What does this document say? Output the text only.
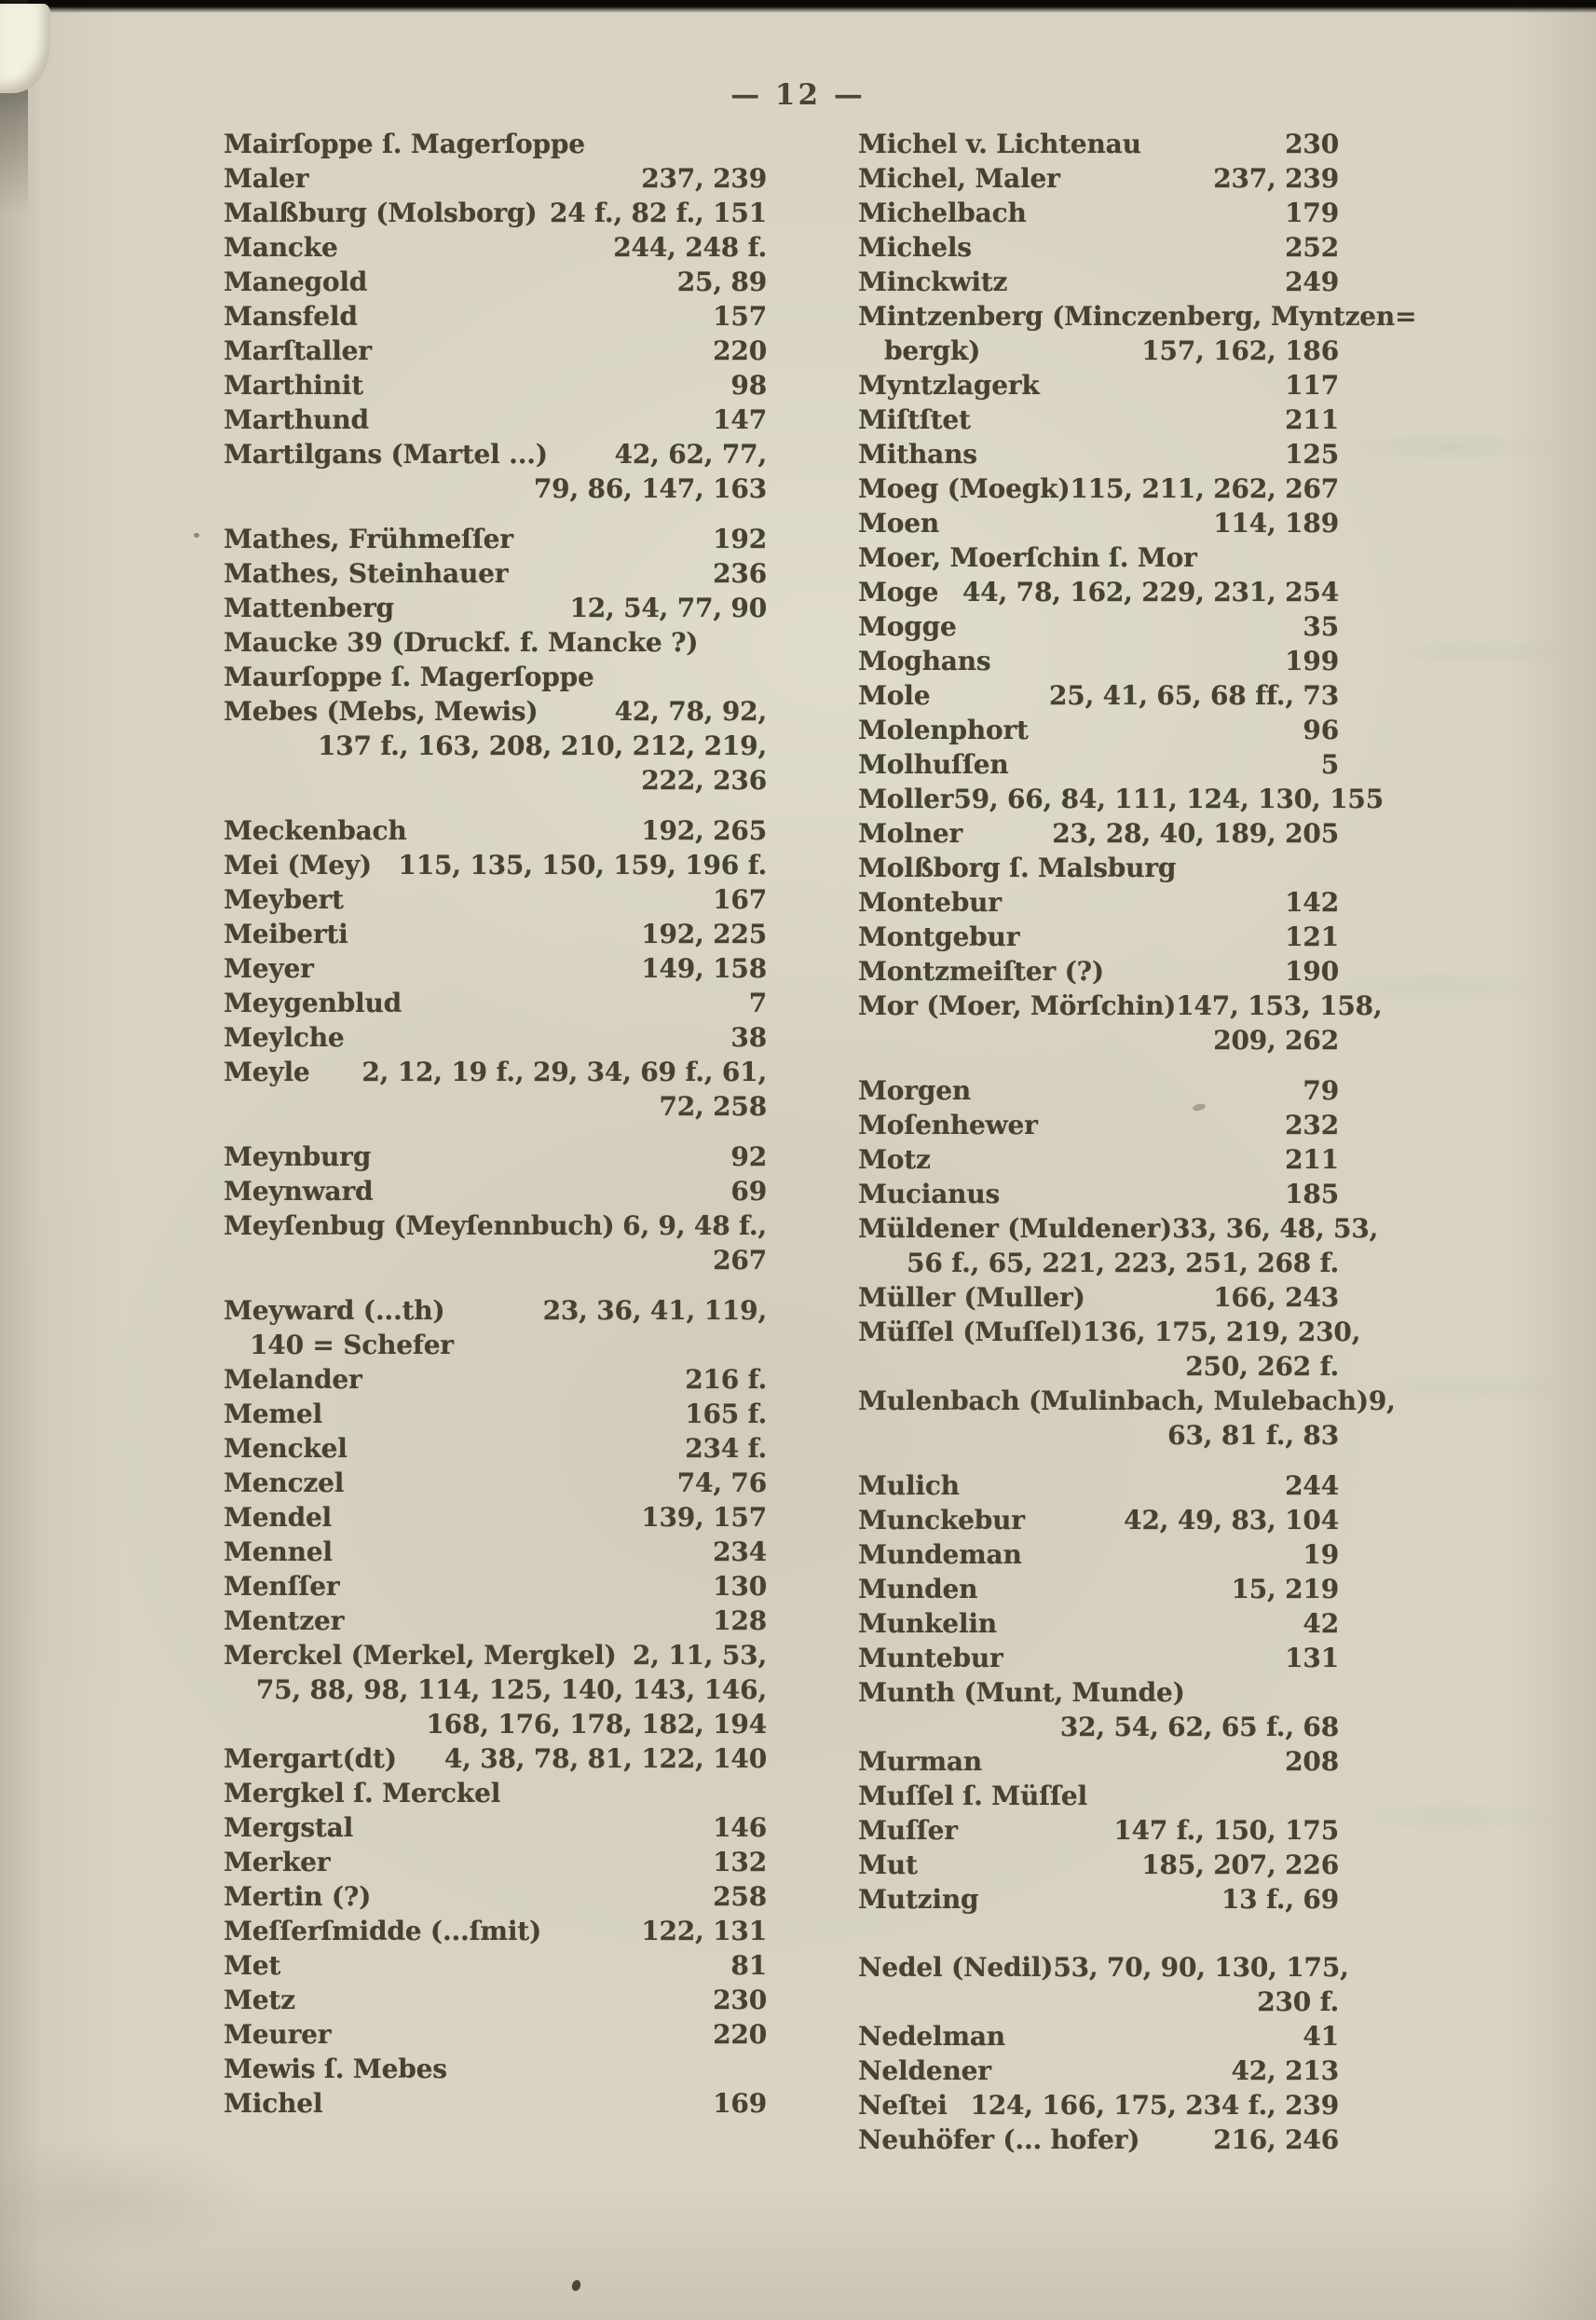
— 12 —
Mairſoppe ſ. Magerſoppe
Maler	237, 239
Malßburg (Molsborg) 24 f., 82 f., 151
Mancke	244, 248 f.
Manegold	25, 89
Mansfeld	157
Marſtaller	220
Marthinit	98
Marthund	147
Martilgans (Martel ...)	42, 62, 77,
79, 86, 147, 163
Mathes, Frühmeſſer	192
Mathes, Steinhauer	236
Mattenberg	12, 54, 77, 90
Maucke 39 (Druckf. f. Mancke ?)
Maurſoppe ſ. Magerſoppe
Mebes (Mebs, Mewis)	42, 78, 92,
137 f., 163, 208, 210, 212, 219,
222, 236
Meckenbach	192, 265
Mei (Mey) 115, 135, 150, 159, 196 f.
Meybert	167
Meiberti	192, 225
Meyer	149, 158
Meygenblud	7
Meylche	38
Meyle 2, 12, 19 f., 29, 34, 69 f., 61,
72, 258
Meynburg	92
Meynward	69
Meyſenbug (Meyſennbuch) 6, 9, 48 f.,
267
Meyward (...th)	23, 36, 41, 119,
140 = Schefer
Melander	216 f.
Memel	165 f.
Menckel	234 f.
Menczel	74, 76
Mendel	139, 157
Mennel	234
Menſſer	130
Mentzer	128
Merckel (Merkel, Mergkel) 2, 11, 53,
75, 88, 98, 114, 125, 140, 143, 146,
168, 176, 178, 182, 194
Mergart(dt) 4, 38, 78, 81, 122, 140
Mergkel ſ. Merckel
Mergstal	146
Merker	132
Mertin (?)	258
Meſſerſmidde (...ſmit)	122, 131
Met	81
Metz	230
Meurer	220
Mewis ſ. Mebes
Michel	169
Michel v. Lichtenau	230
Michel, Maler	237, 239
Michelbach	179
Michels	252
Minckwitz	249
Mintzenberg (Minczenberg, Myntzen=
bergk)	157, 162, 186
Myntzlagerk	117
Miſtſtet	211
Mithans	125
Moeg (Moegk) 115, 211, 262, 267
Moen	114, 189
Moer, Moerſchin ſ. Mor
Moge 44, 78, 162, 229, 231, 254
Mogge	35
Moghans	199
Mole	25, 41, 65, 68 ff., 73
Molenphort	96
Molhuſſen	5
Moller 59, 66, 84, 111, 124, 130, 155
Molner	23, 28, 40, 189, 205
Molßborg ſ. Malsburg
Montebur	142
Montgebur	121
Montzmeiſter (?)	190
Mor (Moer, Mörſchin) 147, 153, 158,
209, 262
Morgen	79
Moſenhewer	232
Motz	211
Mucianus	185
Müldener (Muldener) 33, 36, 48, 53,
56 f., 65, 221, 223, 251, 268 f.
Müller (Muller)	166, 243
Müſſel (Muſſel) 136, 175, 219, 230,
250, 262 f.
Mulenbach (Mulinbach, Mulebach) 9,
63, 81 f., 83
Mulich	244
Munckebur	42, 49, 83, 104
Mundeman	19
Munden	15, 219
Munkelin	42
Muntebur	131
Munth (Munt, Munde)
32, 54, 62, 65 f., 68
Murman	208
Muſſel ſ. Müſſel
Muſſer	147 f., 150, 175
Mut	185, 207, 226
Mutzing	13 f., 69
Nedel (Nedil) 53, 70, 90, 130, 175,
230 f.
Nedelman	41
Neldener	42, 213
Neſtei 124, 166, 175, 234 f., 239
Neuhöfer (... hofer)	216, 246
